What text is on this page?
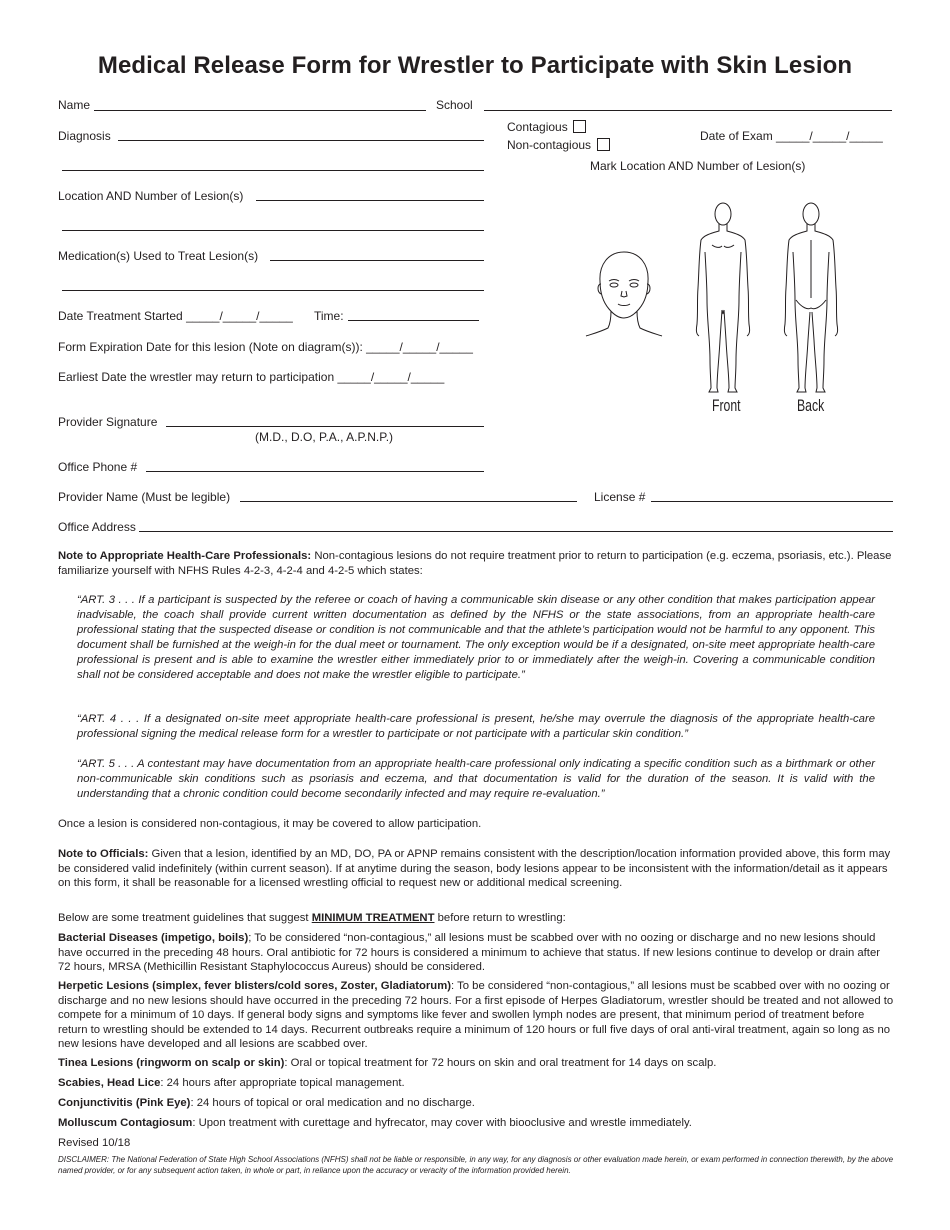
Medical Release Form for Wrestler to Participate with Skin Lesion
Name	School
Diagnosis
Contagious
Non-contagious
Date of Exam _____/_____/_____
Mark Location AND Number of Lesion(s)
Location AND Number of Lesion(s)
Medication(s) Used to Treat Lesion(s)
Date Treatment Started _____/_____/_____ Time:
Form Expiration Date for this lesion (Note on diagram(s)): _____/_____/_____
Earliest Date the wrestler may return to participation _____/_____/_____
Provider Signature
(M.D., D.O, P.A., A.P.N.P.)
Office Phone #
Provider Name (Must be legible)	License #
Office Address
Front	Back
Note to Appropriate Health-Care Professionals: Non-contagious lesions do not require treatment prior to return to participation (e.g. eczema, psoriasis, etc.). Please familiarize yourself with NFHS Rules 4-2-3, 4-2-4 and 4-2-5 which states:
“ART. 3 . . . If a participant is suspected by the referee or coach of having a communicable skin disease or any other condition that makes participation appear inadvisable, the coach shall provide current written documentation as defined by the NFHS or the state associations, from an appropriate health-care professional stating that the suspected disease or condition is not communicable and that the athlete’s participation would not be harmful to any opponent. This document shall be furnished at the weigh-in for the dual meet or tournament. The only exception would be if a designated, on-site meet appropriate health-care professional is present and is able to examine the wrestler either immediately prior to or immediately after the weigh-in. Covering a communicable condition shall not be considered acceptable and does not make the wrestler eligible to participate.”
“ART. 4 . . . If a designated on-site meet appropriate health-care professional is present, he/she may overrule the diagnosis of the appropriate health-care professional signing the medical release form for a wrestler to participate or not participate with a particular skin condition.”
“ART. 5 . . . A contestant may have documentation from an appropriate health-care professional only indicating a specific condition such as a birthmark or other non-communicable skin conditions such as psoriasis and eczema, and that documentation is valid for the duration of the season. It is valid with the understanding that a chronic condition could become secondarily infected and may require re-evaluation.”
Once a lesion is considered non-contagious, it may be covered to allow participation.
Note to Officials: Given that a lesion, identified by an MD, DO, PA or APNP remains consistent with the description/location information provided above, this form may be considered valid indefinitely (within current season). If at anytime during the season, body lesions appear to be inconsistent with the information/detail as it appears on this form, it shall be reasonable for a licensed wrestling official to request new or additional medical screening.
Below are some treatment guidelines that suggest MINIMUM TREATMENT before return to wrestling:
Bacterial Diseases (impetigo, boils); To be considered “non-contagious,” all lesions must be scabbed over with no oozing or discharge and no new lesions should have occurred in the preceding 48 hours. Oral antibiotic for 72 hours is considered a minimum to achieve that status. If new lesions continue to develop or drain after 72 hours, MRSA (Methicillin Resistant Staphylococcus Aureus) should be considered.
Herpetic Lesions (simplex, fever blisters/cold sores, Zoster, Gladiatorum): To be considered “non-contagious,” all lesions must be scabbed over with no oozing or discharge and no new lesions should have occurred in the preceding 72 hours. For a first episode of Herpes Gladiatorum, wrestler should be treated and not allowed to compete for a minimum of 10 days. If general body signs and symptoms like fever and swollen lymph nodes are present, that minimum period of treatment before return to wrestling should be extended to 14 days. Recurrent outbreaks require a minimum of 120 hours or full five days of oral anti-viral treatment, again so long as no new lesions have developed and all lesions are scabbed over.
Tinea Lesions (ringworm on scalp or skin): Oral or topical treatment for 72 hours on skin and oral treatment for 14 days on scalp.
Scabies, Head Lice: 24 hours after appropriate topical management.
Conjunctivitis (Pink Eye): 24 hours of topical or oral medication and no discharge.
Molluscum Contagiosum: Upon treatment with curettage and hyfrecator, may cover with biooclusive and wrestle immediately.
Revised 10/18
DISCLAIMER: The National Federation of State High School Associations (NFHS) shall not be liable or responsible, in any way, for any diagnosis or other evaluation made herein, or exam performed in connection therewith, by the above named provider, or for any subsequent action taken, in whole or part, in reliance upon the accuracy or veracity of the information provided herein.
